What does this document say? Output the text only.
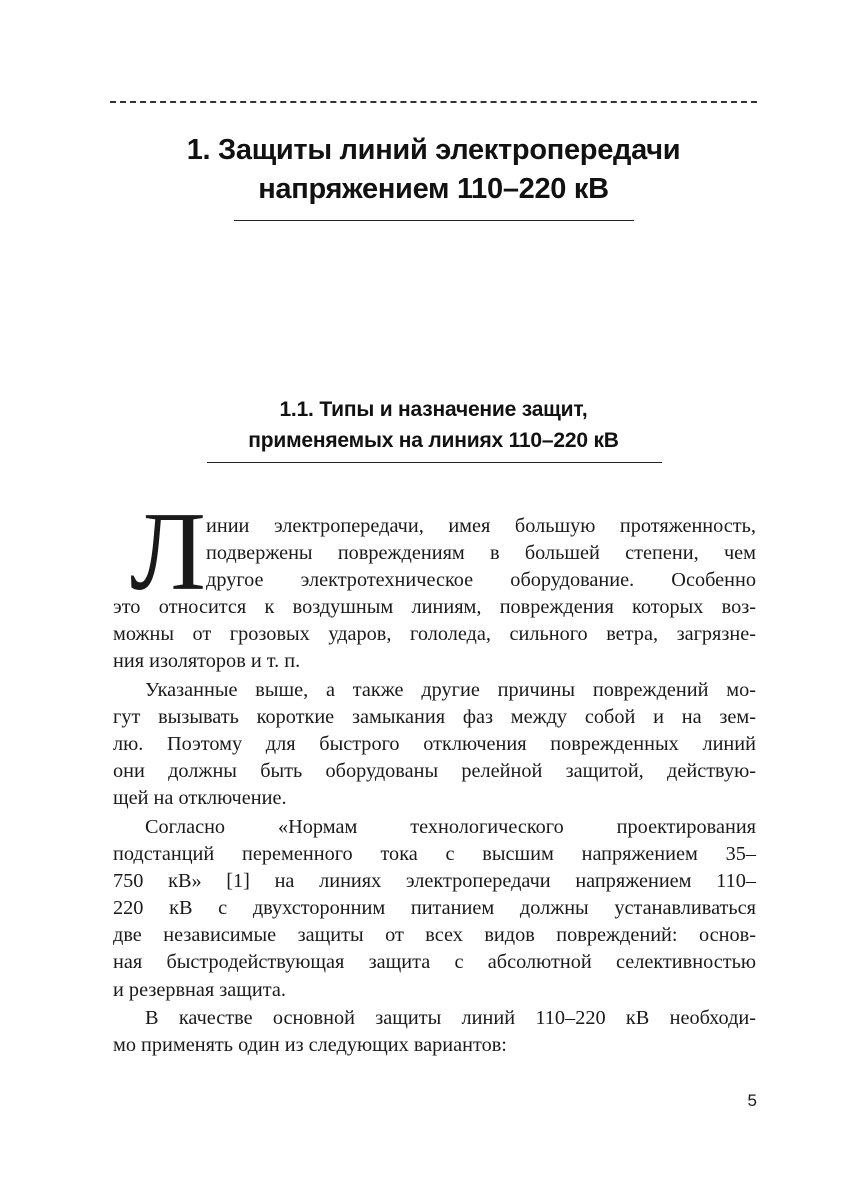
1. Защиты линий электропередачи
напряжением 110–220 кВ
1.1. Типы и назначение защит,
применяемых на линиях 110–220 кВ
Л инии электропередачи, имея большую протяженность,
подвержены повреждениям в большей степени, чем
другое электротехническое оборудование. Особенно
это относится к воздушным линиям, повреждения которых воз-
можны от грозовых ударов, гололеда, сильного ветра, загрязне-
ния изоляторов и т. п.
Указанные выше, а также другие причины повреждений мо-
гут вызывать короткие замыкания фаз между собой и на зем-
лю. Поэтому для быстрого отключения поврежденных линий
они должны быть оборудованы релейной защитой, действую-
щей на отключение.
Согласно «Нормам технологического проектирования
подстанций переменного тока с высшим напряжением 35–
750 кВ» [1] на линиях электропередачи напряжением 110–
220 кВ с двухсторонним питанием должны устанавливаться
две независимые защиты от всех видов повреждений: основ-
ная быстродействующая защита с абсолютной селективностью
и резервная защита.
В качестве основной защиты линий 110–220 кВ необходи-
мо применять один из следующих вариантов:
5
